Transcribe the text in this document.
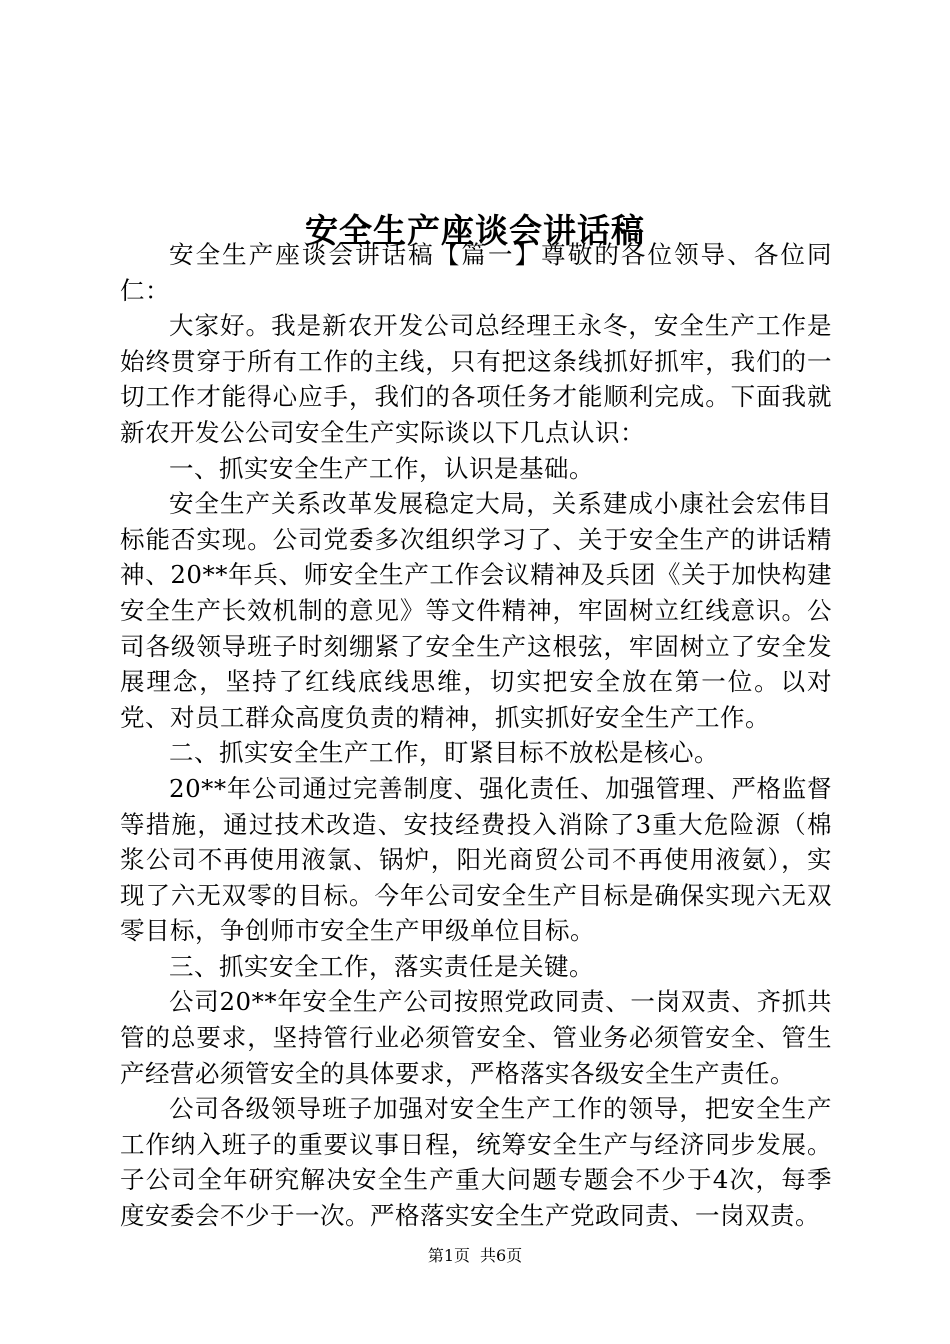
安全生产座谈会讲话稿

安全生产座谈会讲话稿【篇一】尊敬的各位领导、各位同仁：

大家好。我是新农开发公司总经理王永冬，安全生产工作是始终贯穿于所有工作的主线，只有把这条线抓好抓牢，我们的一切工作才能得心应手，我们的各项任务才能顺利完成。下面我就新农开发公公司安全生产实际谈以下几点认识：

一、抓实安全生产工作，认识是基础。

安全生产关系改革发展稳定大局，关系建成小康社会宏伟目标能否实现。公司党委多次组织学习了、关于安全生产的讲话精神、20**年兵、师安全生产工作会议精神及兵团《关于加快构建安全生产长效机制的意见》等文件精神，牢固树立红线意识。公司各级领导班子时刻绷紧了安全生产这根弦，牢固树立了安全发展理念，坚持了红线底线思维，切实把安全放在第一位。以对党、对员工群众高度负责的精神，抓实抓好安全生产工作。

二、抓实安全生产工作，盯紧目标不放松是核心。

20**年公司通过完善制度、强化责任、加强管理、严格监督等措施，通过技术改造、安技经费投入消除了3重大危险源（棉浆公司不再使用液氯、锅炉，阳光商贸公司不再使用液氨），实现了六无双零的目标。今年公司安全生产目标是确保实现六无双零目标，争创师市安全生产甲级单位目标。

三、抓实安全工作，落实责任是关键。

公司20**年安全生产公司按照党政同责、一岗双责、齐抓共管的总要求，坚持管行业必须管安全、管业务必须管安全、管生产经营必须管安全的具体要求，严格落实各级安全生产责任。

公司各级领导班子加强对安全生产工作的领导，把安全生产工作纳入班子的重要议事日程，统筹安全生产与经济同步发展。子公司全年研究解决安全生产重大问题专题会不少于4次，每季度安委会不少于一次。严格落实安全生产党政同责、一岗双责。

第1页 共6页
